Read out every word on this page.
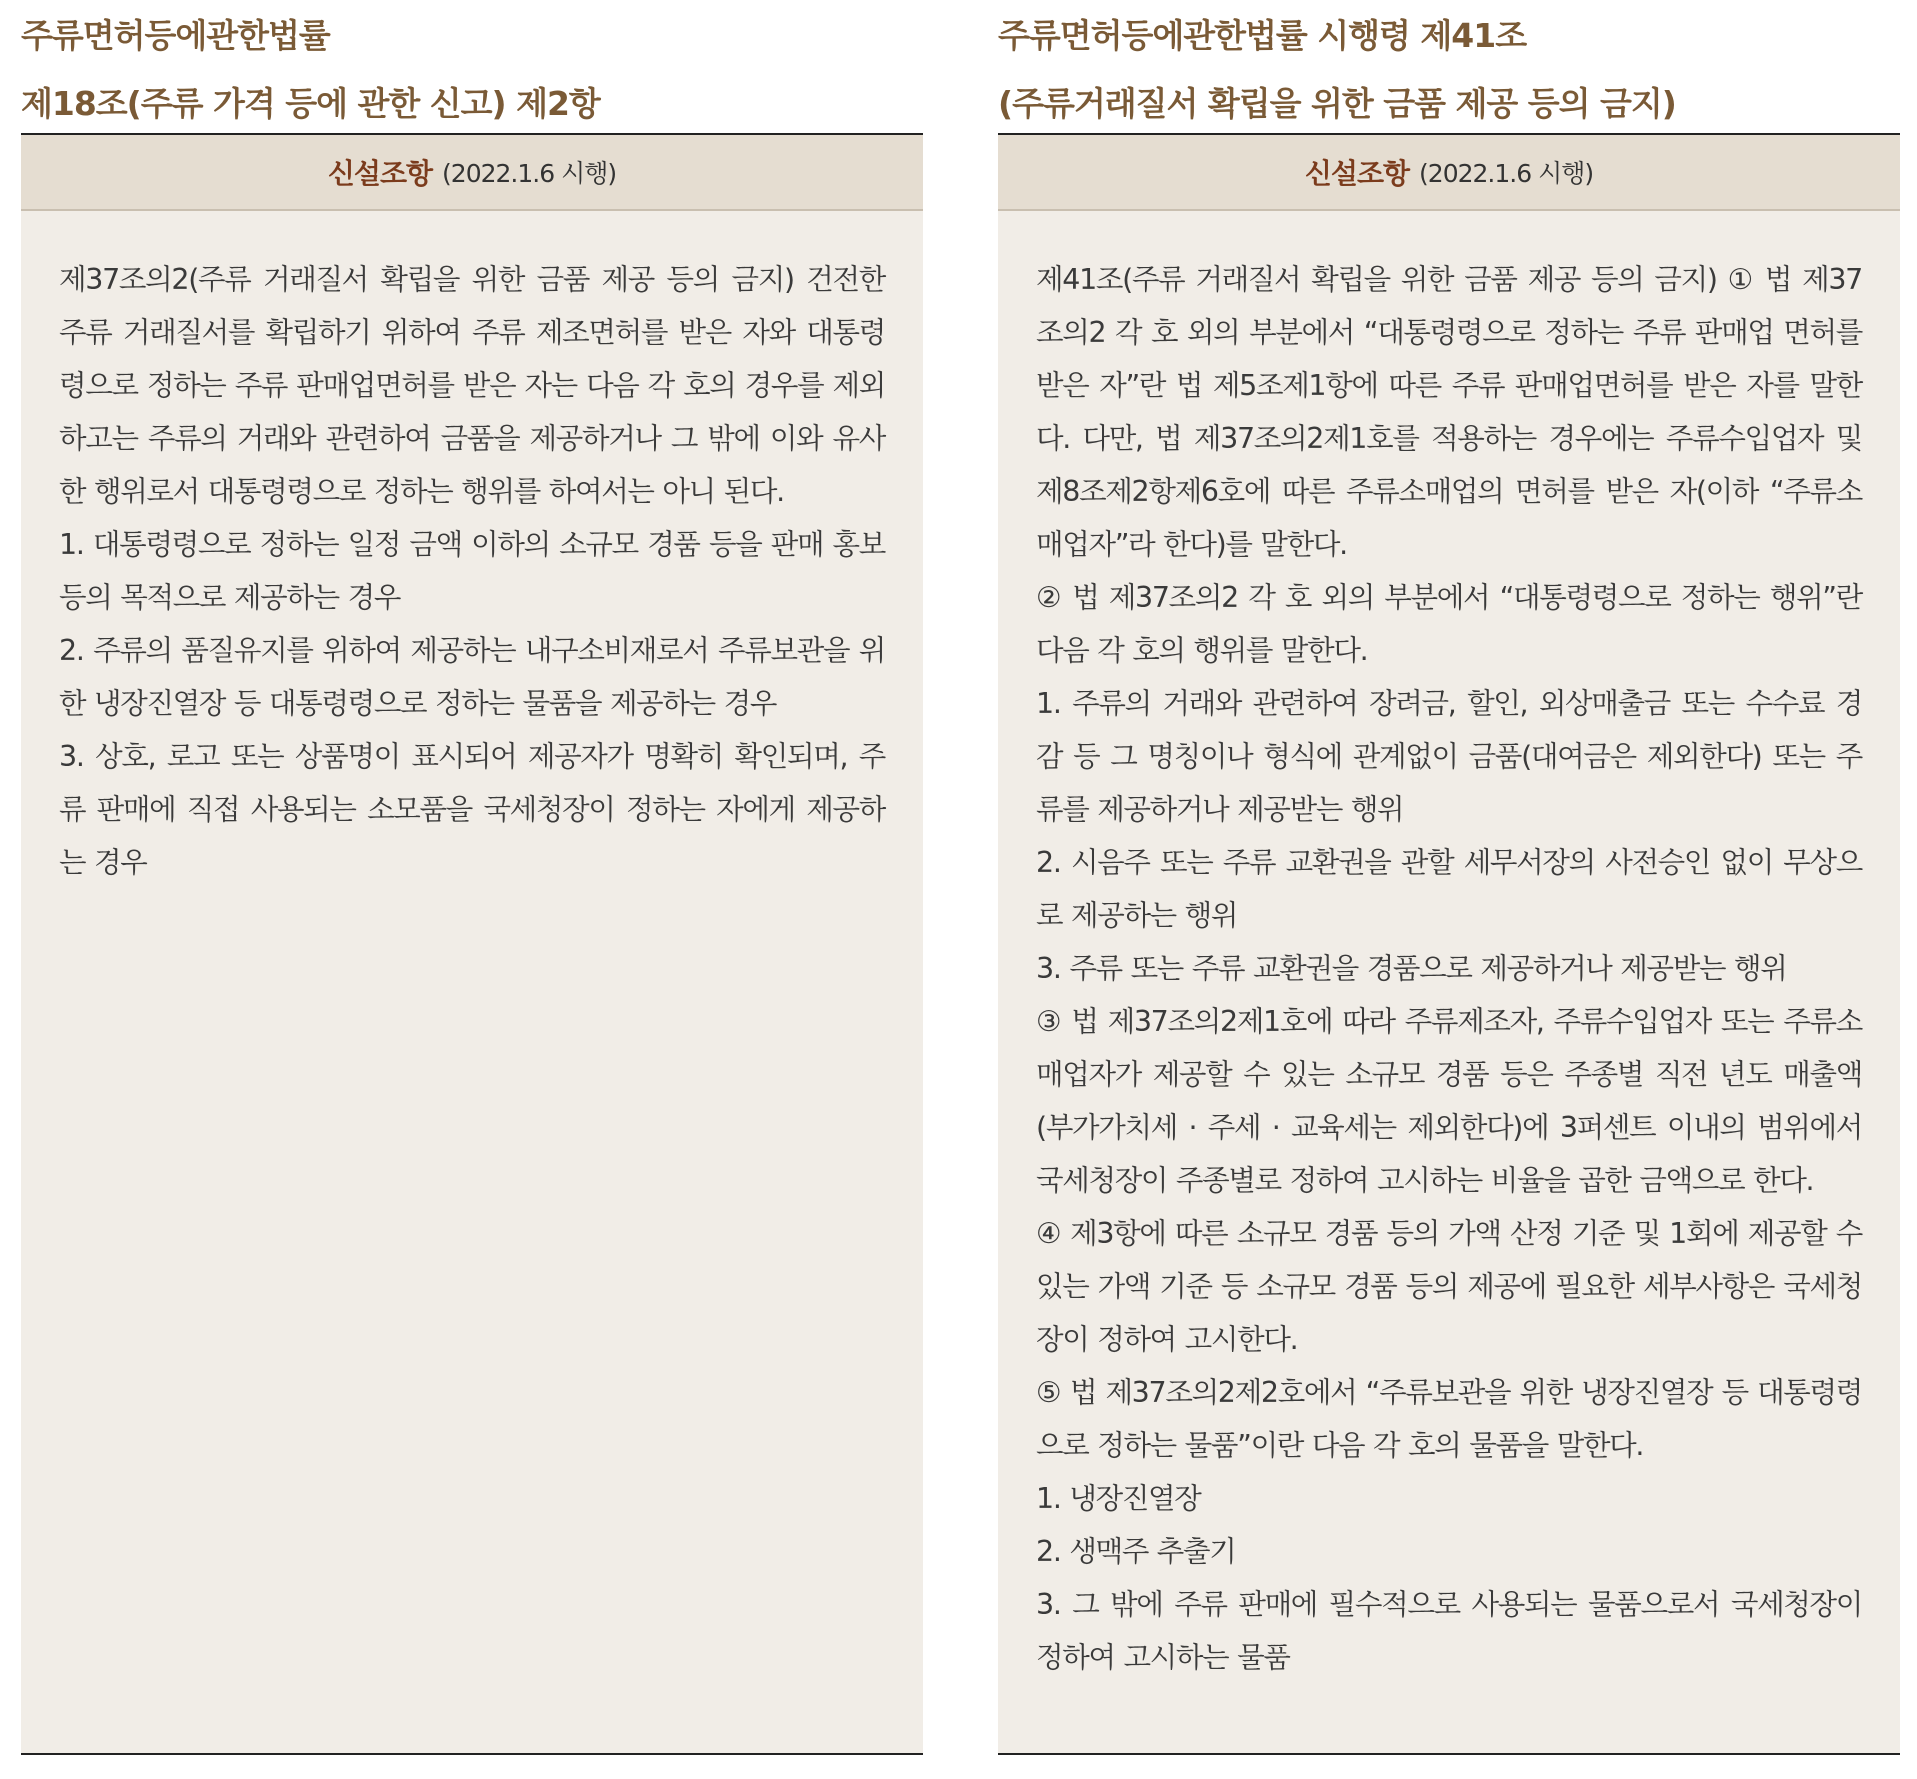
주류면허등에관한법률
제18조(주류 가격 등에 관한 신고) 제2항
신설조항 (2022.1.6 시행)

제37조의2(주류 거래질서 확립을 위한 금품 제공 등의 금지) 건전한 주류 거래질서를 확립하기 위하여 주류 제조면허를 받은 자와 대통령령으로 정하는 주류 판매업면허를 받은 자는 다음 각 호의 경우를 제외하고는 주류의 거래와 관련하여 금품을 제공하거나 그 밖에 이와 유사한 행위로서 대통령령으로 정하는 행위를 하여서는 아니 된다.

1. 대통령령으로 정하는 일정 금액 이하의 소규모 경품 등을 판매 홍보 등의 목적으로 제공하는 경우

2. 주류의 품질유지를 위하여 제공하는 내구소비재로서 주류보관을 위한 냉장진열장 등 대통령령으로 정하는 물품을 제공하는 경우

3. 상호, 로고 또는 상품명이 표시되어 제공자가 명확히 확인되며, 주류 판매에 직접 사용되는 소모품을 국세청장이 정하는 자에게 제공하는 경우

주류면허등에관한법률 시행령 제41조
(주류거래질서 확립을 위한 금품 제공 등의 금지)
신설조항 (2022.1.6 시행)

제41조(주류 거래질서 확립을 위한 금품 제공 등의 금지) ① 법 제37조의2 각 호 외의 부분에서 “대통령령으로 정하는 주류 판매업 면허를 받은 자”란 법 제5조제1항에 따른 주류 판매업면허를 받은 자를 말한다. 다만, 법 제37조의2제1호를 적용하는 경우에는 주류수입업자 및 제8조제2항제6호에 따른 주류소매업의 면허를 받은 자(이하 “주류소매업자”라 한다)를 말한다.

② 법 제37조의2 각 호 외의 부분에서 “대통령령으로 정하는 행위”란 다음 각 호의 행위를 말한다.

1. 주류의 거래와 관련하여 장려금, 할인, 외상매출금 또는 수수료 경감 등 그 명칭이나 형식에 관계없이 금품(대여금은 제외한다) 또는 주류를 제공하거나 제공받는 행위

2. 시음주 또는 주류 교환권을 관할 세무서장의 사전승인 없이 무상으로 제공하는 행위

3. 주류 또는 주류 교환권을 경품으로 제공하거나 제공받는 행위

③ 법 제37조의2제1호에 따라 주류제조자, 주류수입업자 또는 주류소매업자가 제공할 수 있는 소규모 경품 등은 주종별 직전 년도 매출액(부가가치세 · 주세 · 교육세는 제외한다)에 3퍼센트 이내의 범위에서 국세청장이 주종별로 정하여 고시하는 비율을 곱한 금액으로 한다.

④ 제3항에 따른 소규모 경품 등의 가액 산정 기준 및 1회에 제공할 수 있는 가액 기준 등 소규모 경품 등의 제공에 필요한 세부사항은 국세청장이 정하여 고시한다.

⑤ 법 제37조의2제2호에서 “주류보관을 위한 냉장진열장 등 대통령령으로 정하는 물품”이란 다음 각 호의 물품을 말한다.

1. 냉장진열장

2. 생맥주 추출기

3. 그 밖에 주류 판매에 필수적으로 사용되는 물품으로서 국세청장이 정하여 고시하는 물품
